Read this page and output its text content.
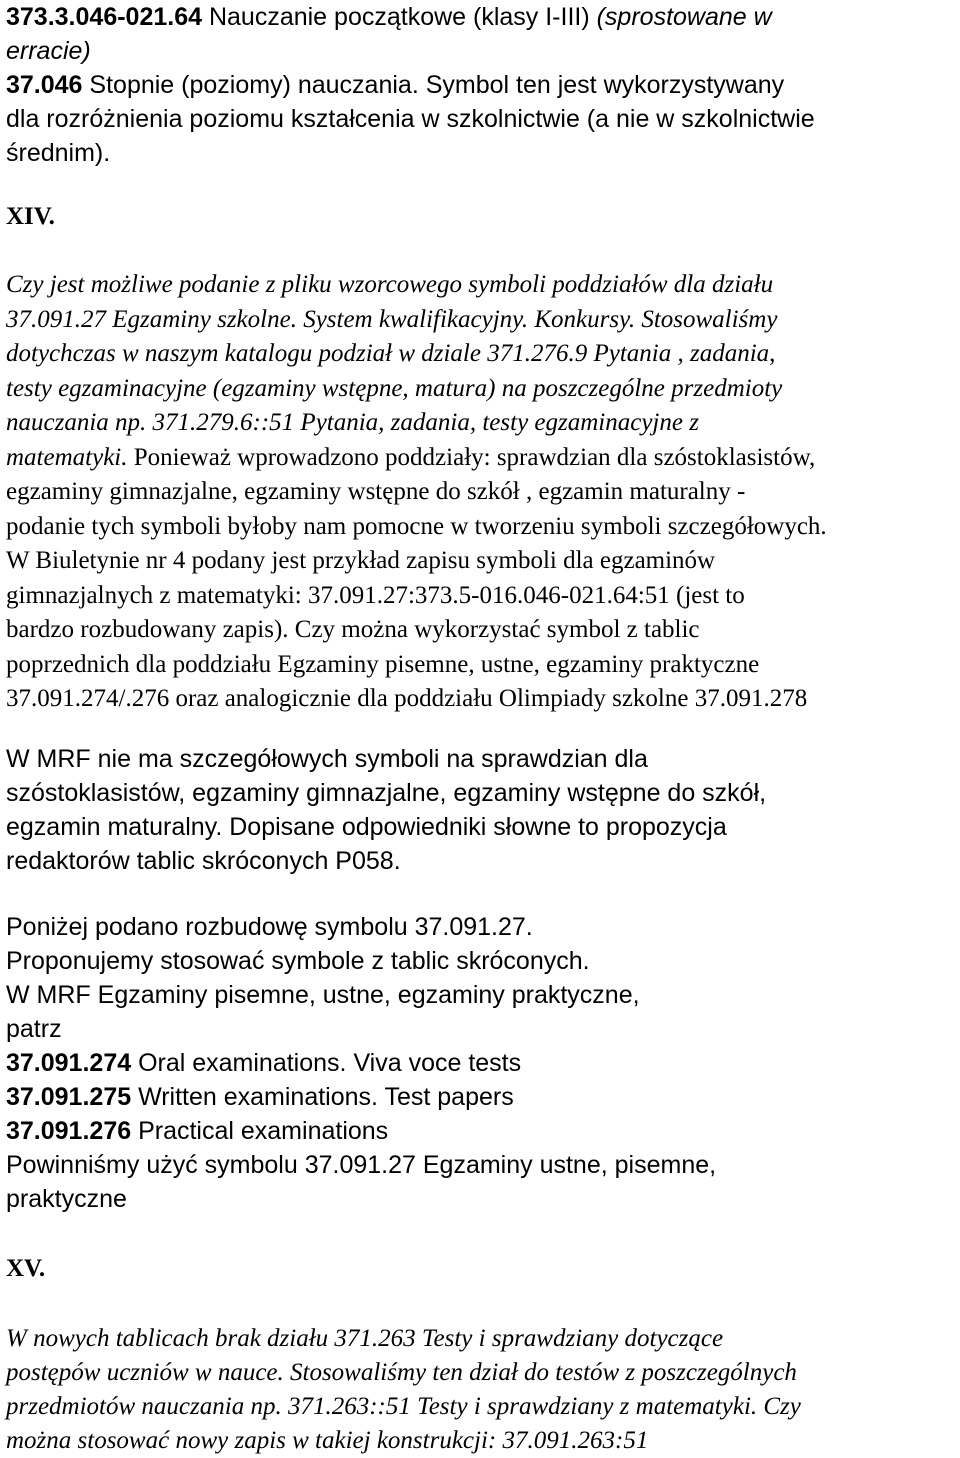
373.3.046-021.64 Nauczanie początkowe (klasy I-III) (sprostowane w
erracie)
37.046 Stopnie (poziomy) nauczania. Symbol ten jest wykorzystywany
dla rozróżnienia poziomu kształcenia w szkolnictwie (a nie w szkolnictwie
średnim).
XIV.
Czy jest możliwe podanie z pliku wzorcowego symboli poddziałów dla działu
37.091.27 Egzaminy szkolne. System kwalifikacyjny. Konkursy. Stosowaliśmy
dotychczas w naszym katalogu podział w dziale 371.276.9 Pytania , zadania,
testy egzaminacyjne (egzaminy wstępne, matura) na poszczególne przedmioty
nauczania np. 371.279.6::51 Pytania, zadania, testy egzaminacyjne z
matematyki. Ponieważ wprowadzono poddziały: sprawdzian dla szóstoklasistów,
egzaminy gimnazjalne, egzaminy wstępne do szkół , egzamin maturalny -
podanie tych symboli byłoby nam pomocne w tworzeniu symboli szczegółowych.
W Biuletynie nr 4 podany jest przykład zapisu symboli dla egzaminów
gimnazjalnych z matematyki: 37.091.27:373.5-016.046-021.64:51 (jest to
bardzo rozbudowany zapis). Czy można wykorzystać symbol z tablic
poprzednich dla poddziału Egzaminy pisemne, ustne, egzaminy praktyczne
37.091.274/.276 oraz analogicznie dla poddziału Olimpiady szkolne 37.091.278
W MRF nie ma szczegółowych symboli na sprawdzian dla
szóstoklasistów, egzaminy gimnazjalne, egzaminy wstępne do szkół,
egzamin maturalny. Dopisane odpowiedniki słowne to propozycja
redaktorów tablic skróconych P058.
Poniżej podano rozbudowę symbolu 37.091.27.
Proponujemy stosować symbole z tablic skróconych.
W MRF Egzaminy pisemne, ustne, egzaminy praktyczne,
patrz
37.091.274 Oral examinations. Viva voce tests
37.091.275 Written examinations. Test papers
37.091.276 Practical examinations
Powinniśmy użyć symbolu 37.091.27 Egzaminy ustne, pisemne,
praktyczne
XV.
W nowych tablicach brak działu 371.263 Testy i sprawdziany dotyczące
postępów uczniów w nauce. Stosowaliśmy ten dział do testów z poszczególnych
przedmiotów nauczania np. 371.263::51 Testy i sprawdziany z matematyki. Czy
można stosować nowy zapis w takiej konstrukcji: 37.091.263:51
